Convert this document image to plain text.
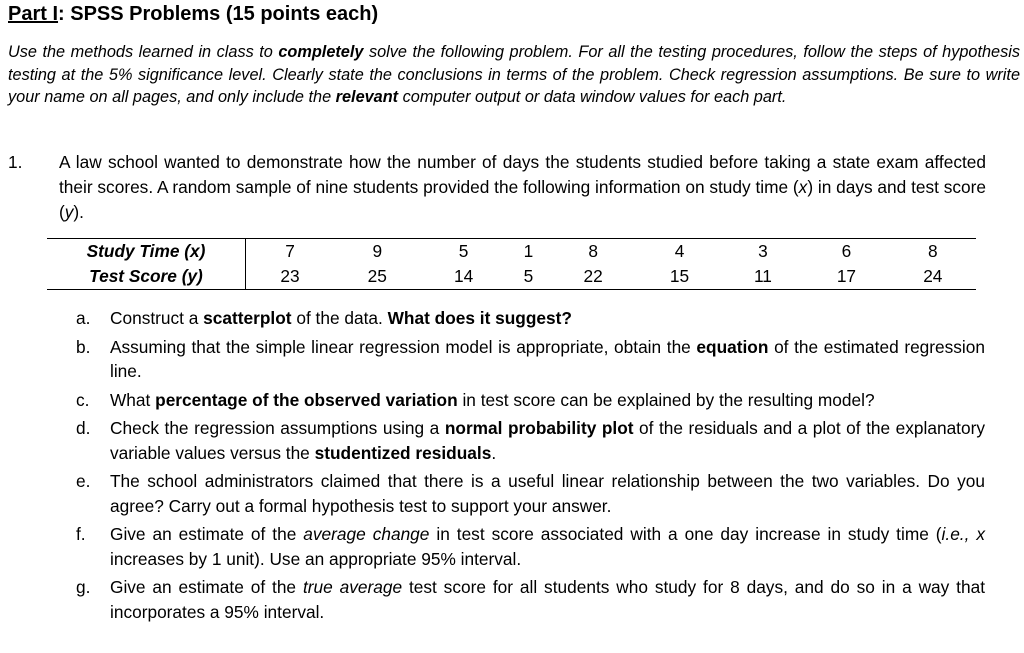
Part I: SPSS Problems (15 points each)
Use the methods learned in class to completely solve the following problem. For all the testing procedures, follow the steps of hypothesis testing at the 5% significance level. Clearly state the conclusions in terms of the problem. Check regression assumptions. Be sure to write your name on all pages, and only include the relevant computer output or data window values for each part.
1. A law school wanted to demonstrate how the number of days the students studied before taking a state exam affected their scores. A random sample of nine students provided the following information on study time (x) in days and test score (y).
Study Time (x)	7	9	5	1	8	4	3	6	8
Test Score (y)	23	25	14	5	22	15	11	17	24
a. Construct a scatterplot of the data. What does it suggest?
b. Assuming that the simple linear regression model is appropriate, obtain the equation of the estimated regression line.
c. What percentage of the observed variation in test score can be explained by the resulting model?
d. Check the regression assumptions using a normal probability plot of the residuals and a plot of the explanatory variable values versus the studentized residuals.
e. The school administrators claimed that there is a useful linear relationship between the two variables. Do you agree? Carry out a formal hypothesis test to support your answer.
f. Give an estimate of the average change in test score associated with a one day increase in study time (i.e., x increases by 1 unit). Use an appropriate 95% interval.
g. Give an estimate of the true average test score for all students who study for 8 days, and do so in a way that incorporates a 95% interval.
